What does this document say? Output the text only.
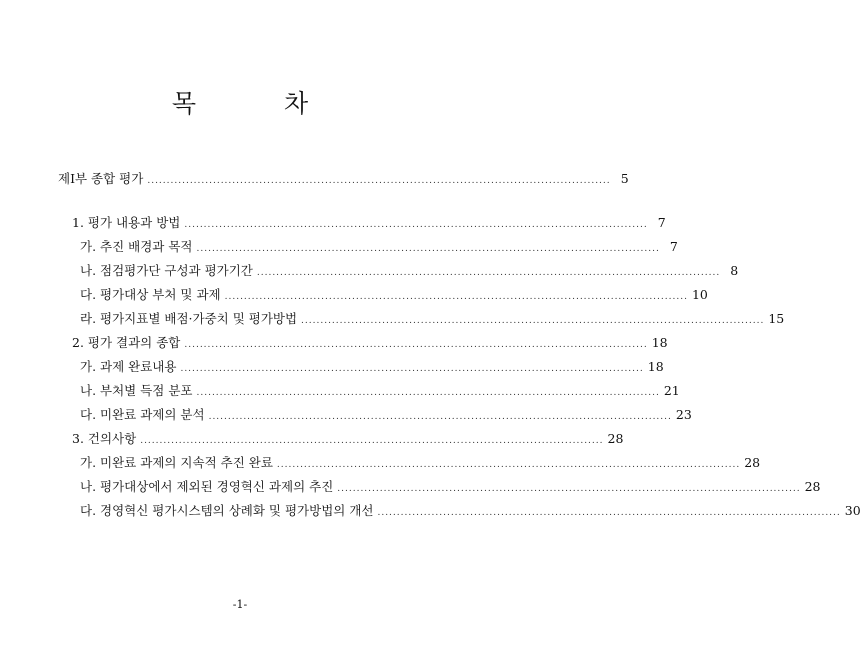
목 차
제Ⅰ부 종합 평가 ........................................................................................................................ 5
1. 평가 내용과 방법 ........................................................................................................................ 7
가. 추진 배경과 목적 ........................................................................................................................ 7
나. 점검평가단 구성과 평가기간 ........................................................................................................................ 8
다. 평가대상 부처 및 과제 ........................................................................................................................ 10
라. 평가지표별 배점·가중치 및 평가방법 ........................................................................................................................ 15
2. 평가 결과의 종합 ........................................................................................................................ 18
가. 과제 완료내용 ........................................................................................................................ 18
나. 부처별 득점 분포 ........................................................................................................................ 21
다. 미완료 과제의 분석 ........................................................................................................................ 23
3. 건의사항 ........................................................................................................................ 28
가. 미완료 과제의 지속적 추진 완료 ........................................................................................................................ 28
나. 평가대상에서 제외된 경영혁신 과제의 추진 ........................................................................................................................ 28
다. 경영혁신 평가시스템의 상례화 및 평가방법의 개선 ........................................................................................................................ 30
-1-
